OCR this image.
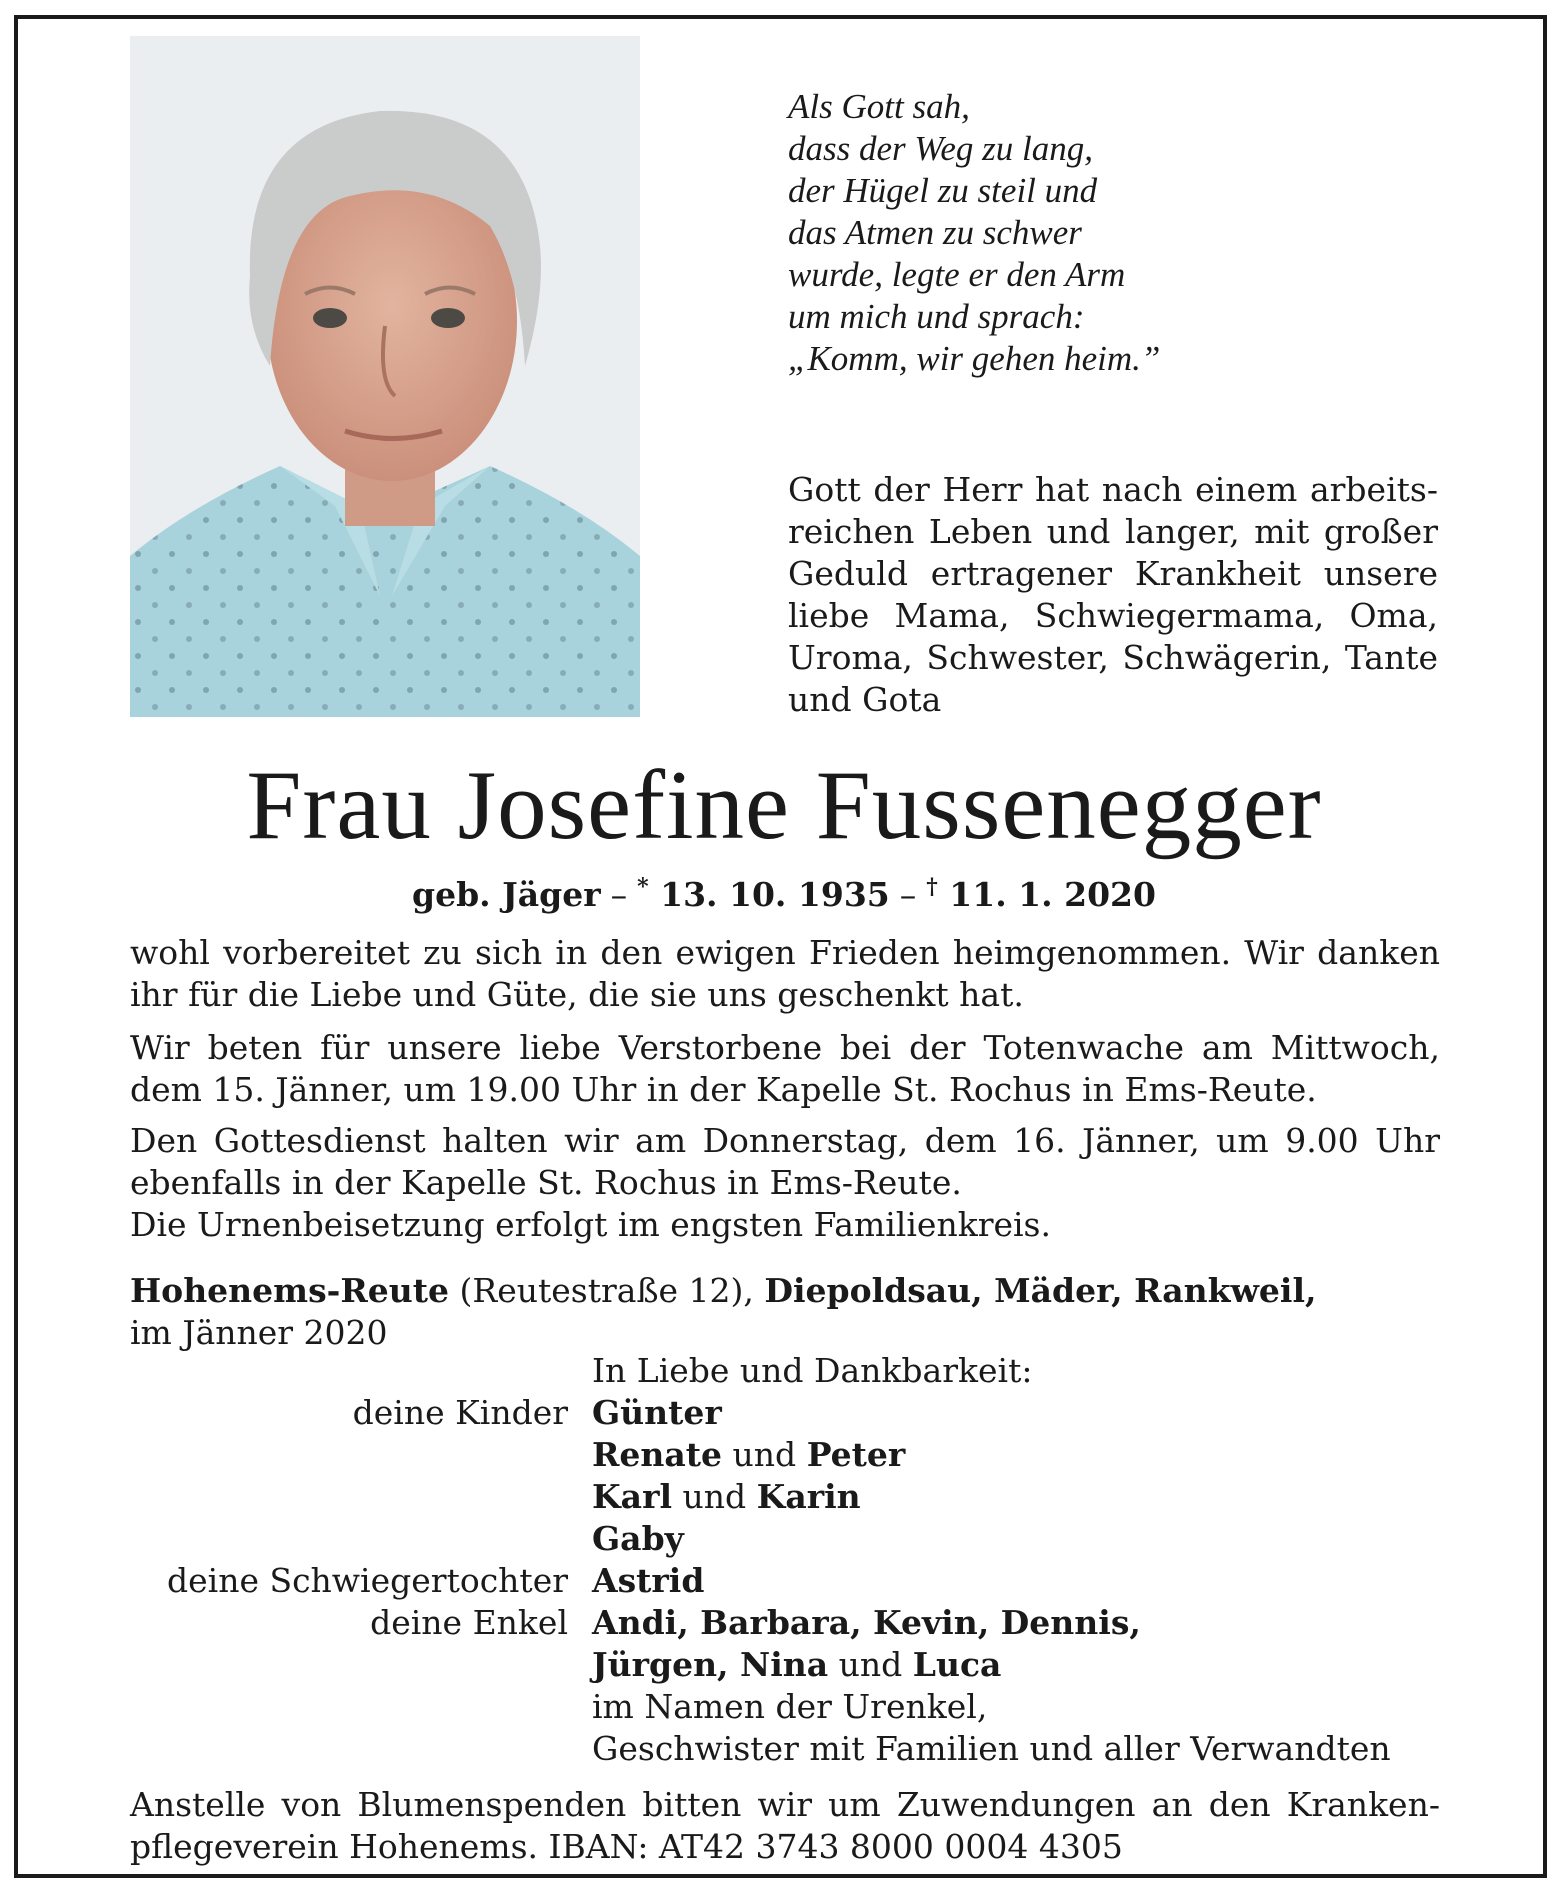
Als Gott sah,
dass der Weg zu lang,
der Hügel zu steil und
das Atmen zu schwer
wurde, legte er den Arm
um mich und sprach:
„Komm, wir gehen heim.”

Gott der Herr hat nach einem arbeitsreichen Leben und langer, mit großer Geduld ertragener Krankheit unsere liebe Mama, Schwiegermama, Oma, Uroma, Schwester, Schwägerin, Tante und Gota

Frau Josefine Fussenegger

geb. Jäger – * 13. 10. 1935 – † 11. 1. 2020

wohl vorbereitet zu sich in den ewigen Frieden heimgenommen. Wir danken ihr für die Liebe und Güte, die sie uns geschenkt hat.

Wir beten für unsere liebe Verstorbene bei der Totenwache am Mittwoch, dem 15. Jänner, um 19.00 Uhr in der Kapelle St. Rochus in Ems-Reute.

Den Gottesdienst halten wir am Donnerstag, dem 16. Jänner, um 9.00 Uhr ebenfalls in der Kapelle St. Rochus in Ems-Reute.
Die Urnenbeisetzung erfolgt im engsten Familienkreis.

Hohenems-Reute (Reutestraße 12), Diepoldsau, Mäder, Rankweil,
im Jänner 2020
In Liebe und Dankbarkeit:
deine Kinder Günter
Renate und Peter
Karl und Karin
Gaby
deine Schwiegertochter Astrid
deine Enkel Andi, Barbara, Kevin, Dennis,
Jürgen, Nina und Luca
im Namen der Urenkel,
Geschwister mit Familien und aller Verwandten

Anstelle von Blumenspenden bitten wir um Zuwendungen an den Krankenpflegeverein Hohenems. IBAN: AT42 3743 8000 0004 4305
